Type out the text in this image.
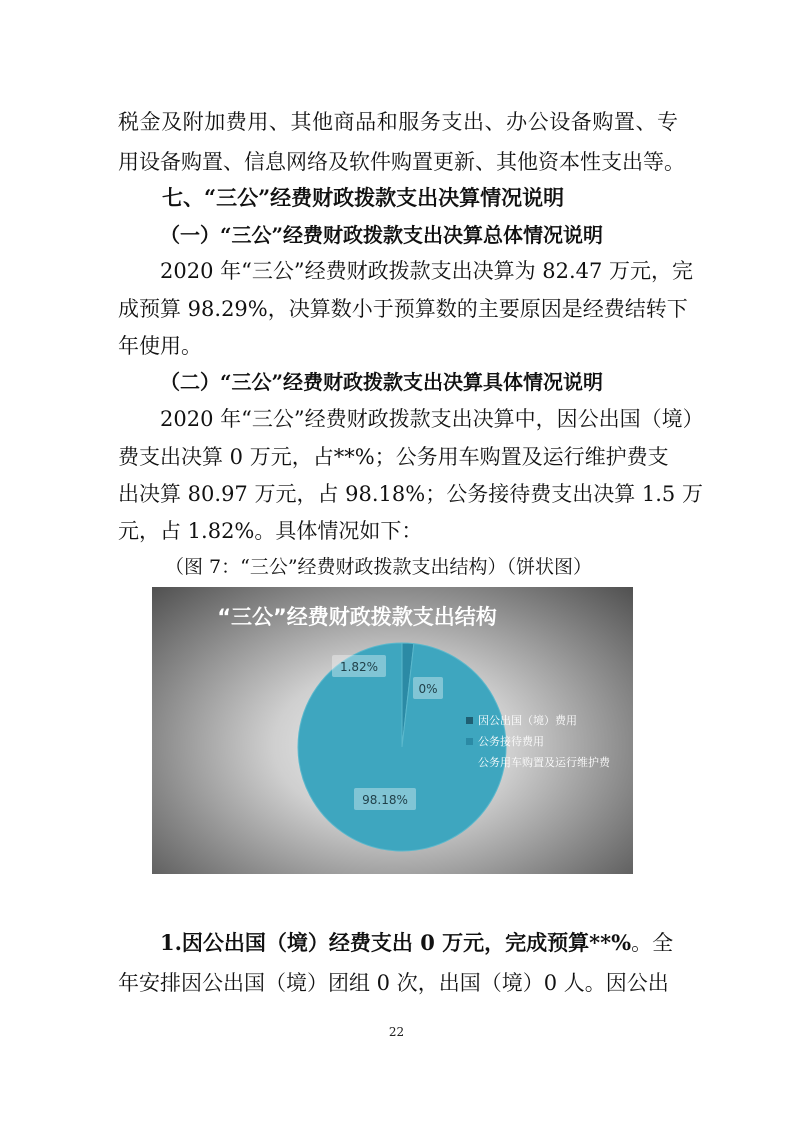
税金及附加费用、其他商品和服务支出、办公设备购置、专
用设备购置、信息网络及软件购置更新、其他资本性支出等。
七、“三公”经费财政拨款支出决算情况说明
（一）“三公”经费财政拨款支出决算总体情况说明
2020 年“三公”经费财政拨款支出决算为 82.47 万元，完
成预算 98.29%，决算数小于预算数的主要原因是经费结转下
年使用。
（二）“三公”经费财政拨款支出决算具体情况说明
2020 年“三公”经费财政拨款支出决算中，因公出国（境）
费支出决算 0 万元，占**%；公务用车购置及运行维护费支
出决算 80.97 万元，占 98.18%；公务接待费支出决算 1.5 万
元，占 1.82%。具体情况如下：
（图 7：“三公”经费财政拨款支出结构）（饼状图）
“三公”经费财政拨款支出结构
0%
1.82%
98.18%
因公出国（境）费用
公务接待费用
公务用车购置及运行维护费
1.因公出国（境）经费支出 0 万元，完成预算**%。全
年安排因公出国（境）团组 0 次，出国（境）0 人。因公出
22
